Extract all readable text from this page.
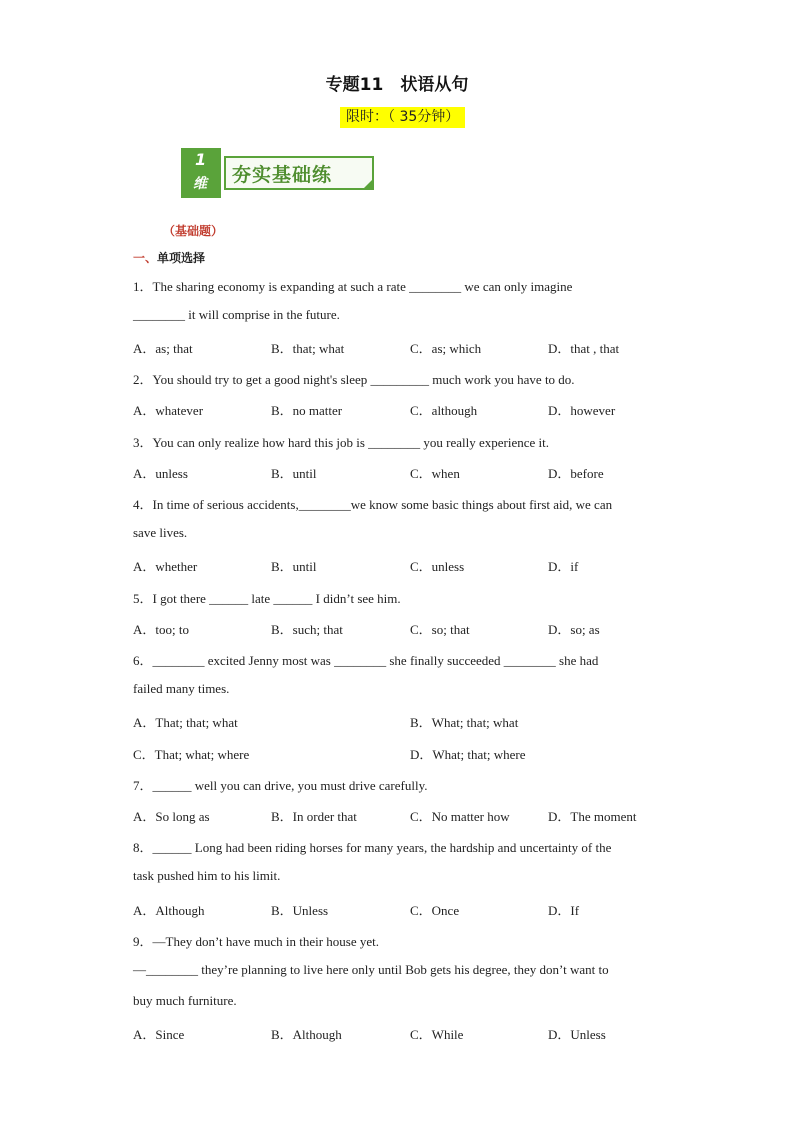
专题11　状语从句
限时：（ 35分钟）
1
维 夯实基础练
（基础题）
一、单项选择
1．The sharing economy is expanding at such a rate ________ we can only imagine
________ it will comprise in the future.
A．as; that	B．that; what	C．as; which	D．that , that
2．You should try to get a good night's sleep _________ much work you have to do.
A．whatever	B．no matter	C．although	D．however
3．You can only realize how hard this job is ________ you really experience it.
A．unless	B．until	C．when	D．before
4．In time of serious accidents,________we know some basic things about first aid, we can
save lives.
A．whether	B．until	C．unless	D．if
5．I got there ______ late ______ I didn’t see him.
A．too; to	B．such; that	C．so; that	D．so; as
6．________ excited Jenny most was ________ she finally succeeded ________ she had
failed many times.
A．That; that; what	B．What; that; what
C．That; what; where	D．What; that; where
7．______ well you can drive, you must drive carefully.
A．So long as	B．In order that	C．No matter how	D．The moment
8．______ Long had been riding horses for many years, the hardship and uncertainty of the
task pushed him to his limit.
A．Although	B．Unless	C．Once	D．If
9．—They don’t have much in their house yet.
—________ they’re planning to live here only until Bob gets his degree, they don’t want to
buy much furniture.
A．Since	B．Although	C．While	D．Unless
